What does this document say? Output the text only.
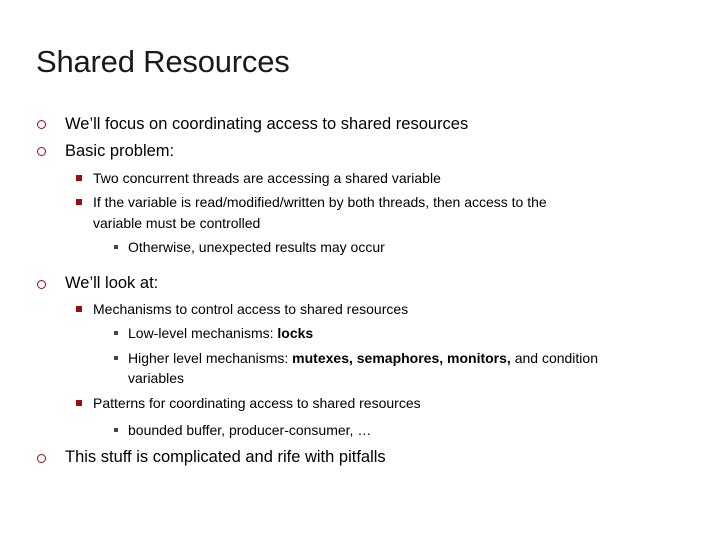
Shared Resources
We’ll focus on coordinating access to shared resources
Basic problem:
Two concurrent threads are accessing a shared variable
If the variable is read/modified/written by both threads, then access to the
variable must be controlled
Otherwise, unexpected results may occur
We’ll look at:
Mechanisms to control access to shared resources
Low-level mechanisms: locks
Higher level mechanisms: mutexes, semaphores, monitors, and condition
variables
Patterns for coordinating access to shared resources
bounded buffer, producer-consumer, …
This stuff is complicated and rife with pitfalls
